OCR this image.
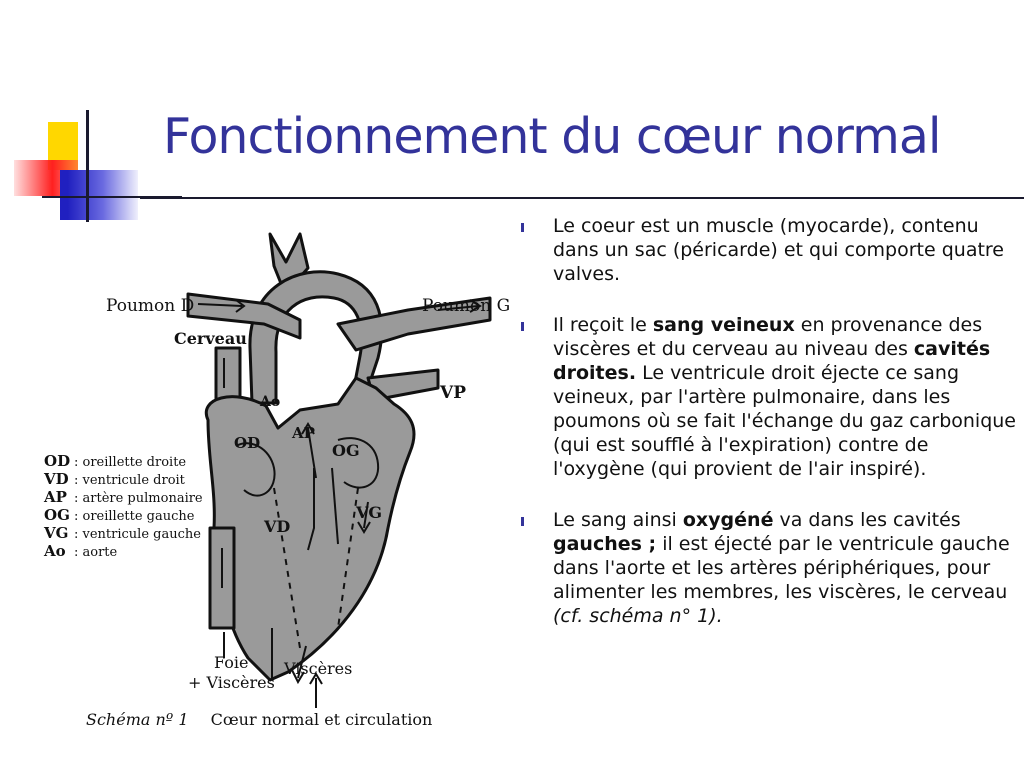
Fonctionnement du cœur normal
Poumon D	Poumon G
Cerveau
VP
Ao
OD
AP
OG
VD
VG
Foie
+ Viscères
Viscères
OD : oreillette droite
VD : ventricule droit
AP : artère pulmonaire
OG : oreillette gauche
VG : ventricule gauche
Ao : aorte
Schéma nº 1 Cœur normal et circulation
Le coeur est un muscle (myocarde), contenu dans un sac (péricarde) et qui comporte quatre valves.
Il reçoit le sang veineux en provenance des viscères et du cerveau au niveau des cavités droites. Le ventricule droit éjecte ce sang veineux, par l'artère pulmonaire, dans les poumons où se fait l'échange du gaz carbonique (qui est soufflé à l'expiration) contre de l'oxygène (qui provient de l'air inspiré).
Le sang ainsi oxygéné va dans les cavités gauches ; il est éjecté par le ventricule gauche dans l'aorte et les artères périphériques, pour alimenter les membres, les viscères, le cerveau (cf. schéma n° 1).
